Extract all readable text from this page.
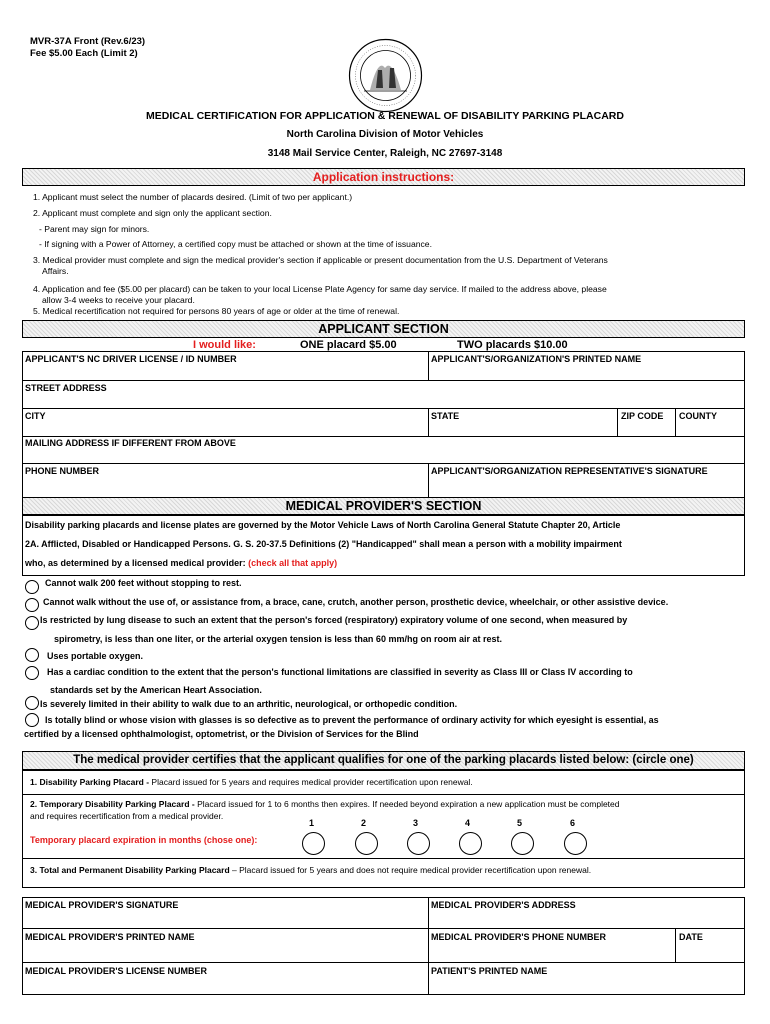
MVR-37A Front (Rev.6/23)
Fee $5.00 Each (Limit 2)
MEDICAL CERTIFICATION FOR APPLICATION & RENEWAL OF DISABILITY PARKING PLACARD
North Carolina Division of Motor Vehicles
3148 Mail Service Center, Raleigh, NC 27697-3148
Application instructions:
1. Applicant must select the number of placards desired. (Limit of two per applicant.)
2. Applicant must complete and sign only the applicant section.
- Parent may sign for minors.
- If signing with a Power of Attorney, a certified copy must be attached or shown at the time of issuance.
3. Medical provider must complete and sign the medical provider's section if applicable or present documentation from the U.S. Department of Veterans
Affairs.
4. Application and fee ($5.00 per placard) can be taken to your local License Plate Agency for same day service. If mailed to the address above, please
allow 3-4 weeks to receive your placard.
5. Medical recertification not required for persons 80 years of age or older at the time of renewal.
APPLICANT SECTION
I would like:	ONE placard $5.00	TWO placards $10.00
APPLICANT'S NC DRIVER LICENSE / ID NUMBER	APPLICANT'S/ORGANIZATION'S PRINTED NAME
STREET ADDRESS
CITY	STATE	ZIP CODE COUNTY
MAILING ADDRESS IF DIFFERENT FROM ABOVE
PHONE NUMBER	APPLICANT'S/ORGANIZATION REPRESENTATIVE'S SIGNATURE
MEDICAL PROVIDER'S SECTION
Disability parking placards and license plates are governed by the Motor Vehicle Laws of North Carolina General Statute Chapter 20, Article
2A. Afflicted, Disabled or Handicapped Persons. G. S. 20-37.5 Definitions (2) "Handicapped" shall mean a person with a mobility impairment
who, as determined by a licensed medical provider: (check all that apply)
Cannot walk 200 feet without stopping to rest.
Cannot walk without the use of, or assistance from, a brace, cane, crutch, another person, prosthetic device, wheelchair, or other assistive device.
Is restricted by lung disease to such an extent that the person's forced (respiratory) expiratory volume of one second, when measured by
spirometry, is less than one liter, or the arterial oxygen tension is less than 60 mm/hg on room air at rest.
Uses portable oxygen.
Has a cardiac condition to the extent that the person's functional limitations are classified in severity as Class III or Class IV according to
standards set by the American Heart Association.
Is severely limited in their ability to walk due to an arthritic, neurological, or orthopedic condition.
Is totally blind or whose vision with glasses is so defective as to prevent the performance of ordinary activity for which eyesight is essential, as
certified by a licensed ophthalmologist, optometrist, or the Division of Services for the Blind
The medical provider certifies that the applicant qualifies for one of the parking placards listed below: (circle one)
1. Disability Parking Placard - Placard issued for 5 years and requires medical provider recertification upon renewal.
2. Temporary Disability Parking Placard - Placard issued for 1 to 6 months then expires. If needed beyond expiration a new application must be completed
and requires recertification from a medical provider.
1	2	3	4	5	6
Temporary placard expiration in months (chose one):
3. Total and Permanent Disability Parking Placard – Placard issued for 5 years and does not require medical provider recertification upon renewal.
MEDICAL PROVIDER'S SIGNATURE	MEDICAL PROVIDER'S ADDRESS
MEDICAL PROVIDER'S PRINTED NAME	MEDICAL PROVIDER'S PHONE NUMBER	DATE
MEDICAL PROVIDER'S LICENSE NUMBER	PATIENT'S PRINTED NAME
